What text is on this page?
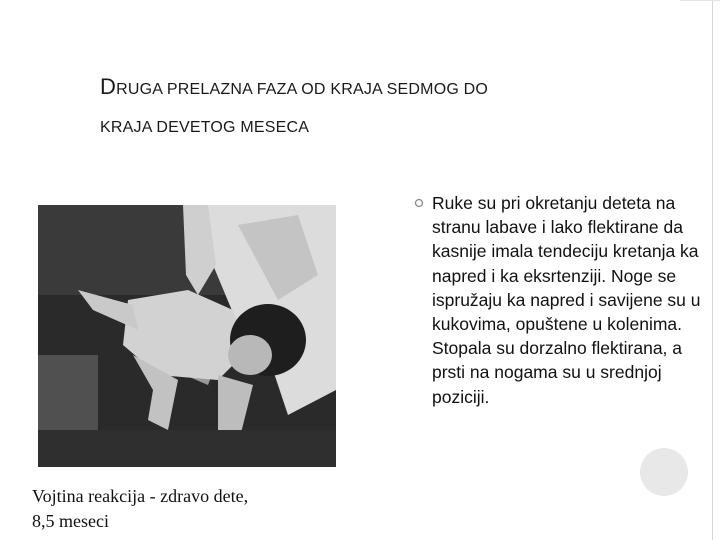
DRUGA PRELAZNA FAZA OD KRAJA SEDMOG DO
KRAJA DEVETOG MESECA
Vojtina reakcija - zdravo dete,
8,5 meseci
Ruke su pri okretanju deteta na stranu labave i lako flektirane da kasnije imala tendeciju kretanja ka napred i ka eksrtenziji. Noge se ispružaju ka napred i savijene su u kukovima, opuštene u kolenima. Stopala su dorzalno flektirana, a prsti na nogama su u srednjoj poziciji.
